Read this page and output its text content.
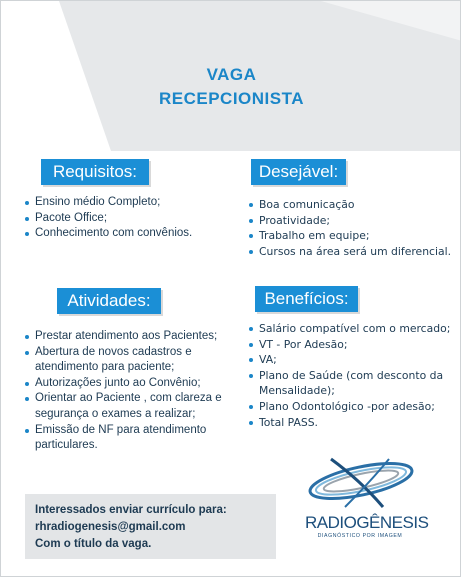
VAGA
RECEPCIONISTA
Requisitos:
Ensino médio Completo;
Pacote Office;
Conhecimento com convênios.
Desejável:
Boa comunicação
Proatividade;
Trabalho em equipe;
Cursos na área será um diferencial.
Atividades:
Prestar atendimento aos Pacientes;
Abertura de novos cadastros e atendimento para paciente;
Autorizações junto ao Convênio;
Orientar ao Paciente , com clareza e segurança o exames a realizar;
Emissão de NF para atendimento particulares.
Benefícios:
Salário compatível com o mercado;
VT - Por Adesão;
VA;
Plano de Saúde (com desconto da Mensalidade);
Plano Odontológico -por adesão;
Total PASS.
Interessados enviar currículo para:
rhradiogenesis@gmail.com
Com o título da vaga.
RADIOGÊNESIS
DIAGNÓSTICO POR IMAGEM
